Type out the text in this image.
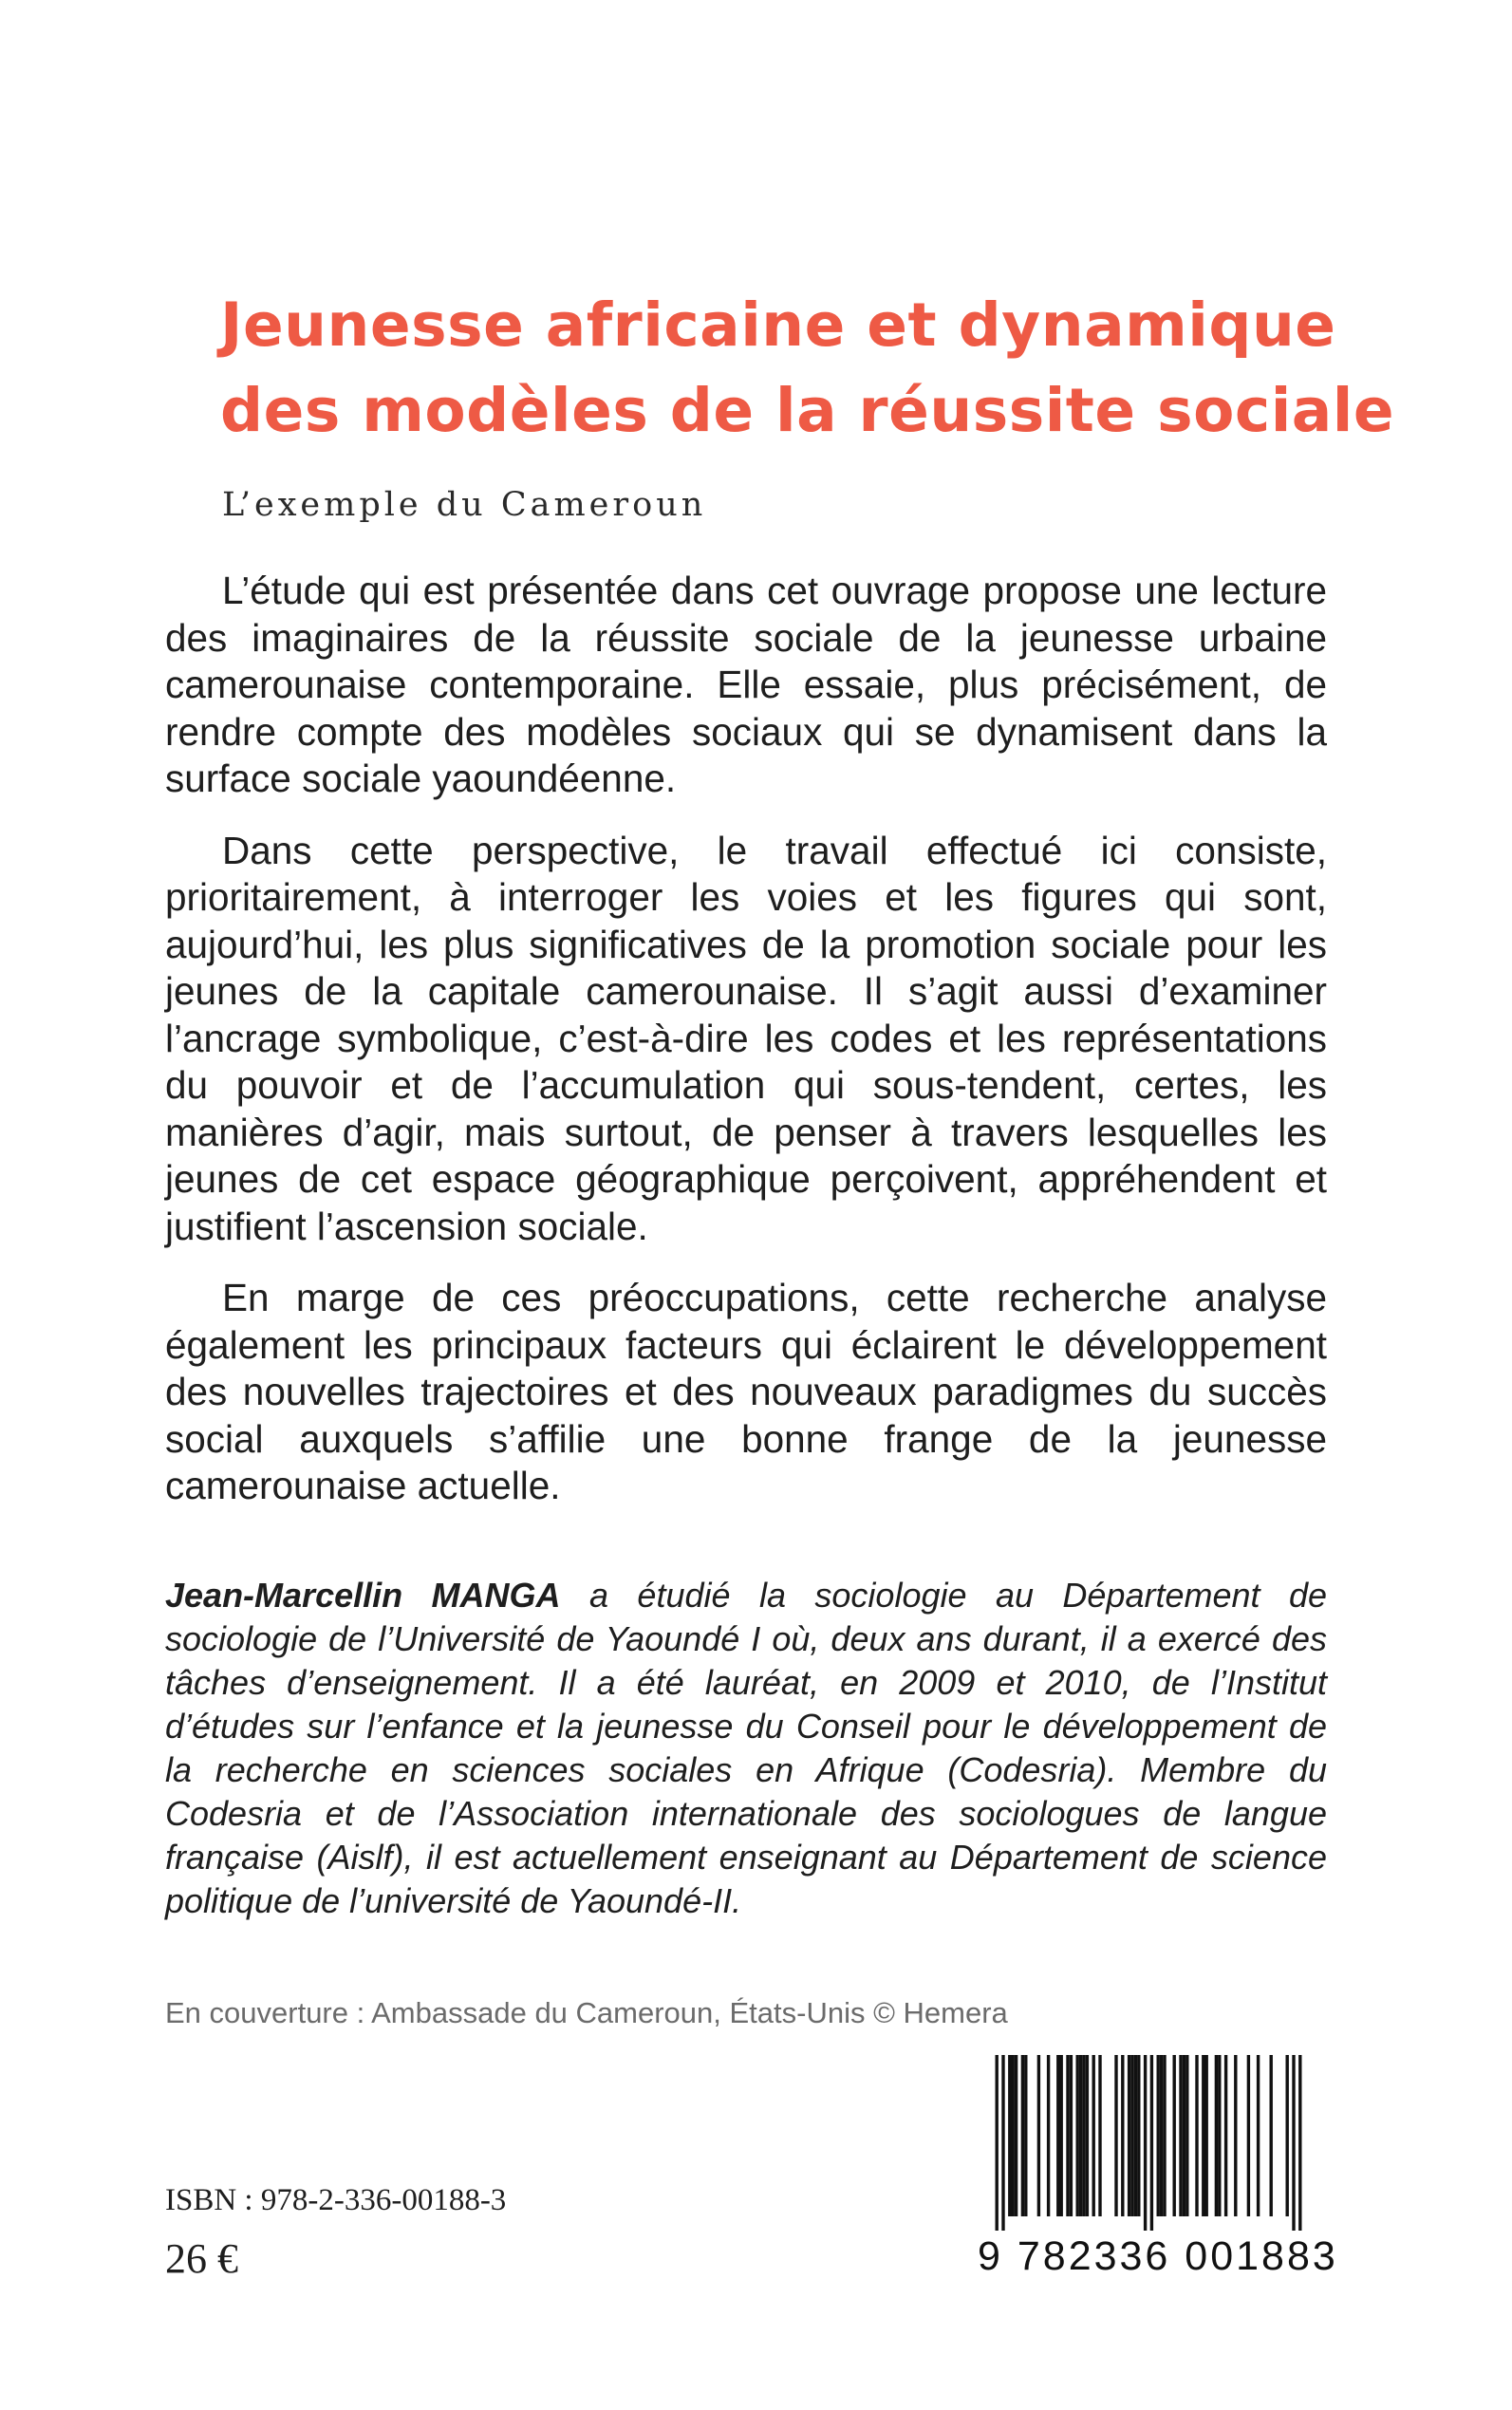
Jeunesse africaine et dynamique
des modèles de la réussite sociale

L’exemple du Cameroun

L’étude qui est présentée dans cet ouvrage propose une lecture des imaginaires de la réussite sociale de la jeunesse urbaine camerounaise contemporaine. Elle essaie, plus précisément, de rendre compte des modèles sociaux qui se dynamisent dans la surface sociale yaoundéenne.

Dans cette perspective, le travail effectué ici consiste, prioritairement, à interroger les voies et les figures qui sont, aujourd’hui, les plus significatives de la promotion sociale pour les jeunes de la capitale camerounaise. Il s’agit aussi d’examiner l’ancrage symbolique, c’est-à-dire les codes et les représentations du pouvoir et de l’accumulation qui sous-tendent, certes, les manières d’agir, mais surtout, de penser à travers lesquelles les jeunes de cet espace géographique perçoivent, appréhendent et justifient l’ascension sociale.

En marge de ces préoccupations, cette recherche analyse également les principaux facteurs qui éclairent le développement des nouvelles trajectoires et des nouveaux paradigmes du succès social auxquels s’affilie une bonne frange de la jeunesse camerounaise actuelle.

Jean-Marcellin MANGA a étudié la sociologie au Département de sociologie de l’Université de Yaoundé I où, deux ans durant, il a exercé des tâches d’enseignement. Il a été lauréat, en 2009 et 2010, de l’Institut d’études sur l’enfance et la jeunesse du Conseil pour le développement de la recherche en sciences sociales en Afrique (Codesria). Membre du Codesria et de l’Association internationale des sociologues de langue française (Aislf), il est actuellement enseignant au Département de science politique de l’université de Yaoundé-II.

En couverture : Ambassade du Cameroun, États-Unis © Hemera

ISBN : 978-2-336-00188-3

26 €	9 782336 001883
